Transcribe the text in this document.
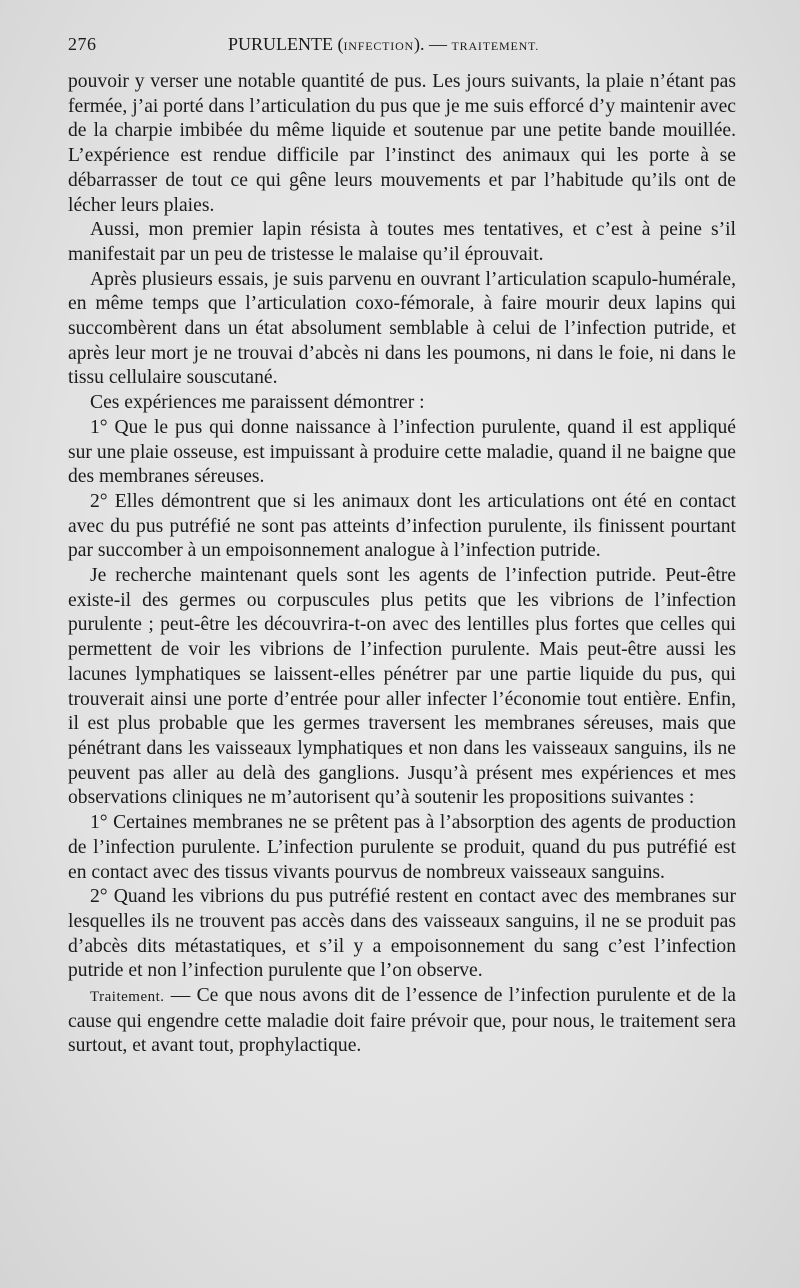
276	PURULENTE (INFECTION). — TRAITEMENT.

pouvoir y verser une notable quantité de pus. Les jours suivants, la plaie n’étant pas fermée, j’ai porté dans l’articulation du pus que je me suis efforcé d’y maintenir avec de la charpie imbibée du même liquide et soutenue par une petite bande mouillée. L’expérience est rendue difficile par l’instinct des animaux qui les porte à se débarrasser de tout ce qui gêne leurs mouvements et par l’habitude qu’ils ont de lécher leurs plaies.

Aussi, mon premier lapin résista à toutes mes tentatives, et c’est à peine s’il manifestait par un peu de tristesse le malaise qu’il éprouvait.

Après plusieurs essais, je suis parvenu en ouvrant l’articulation scapulo-humérale, en même temps que l’articulation coxo-fémorale, à faire mourir deux lapins qui succombèrent dans un état absolument semblable à celui de l’infection putride, et après leur mort je ne trouvai d’abcès ni dans les poumons, ni dans le foie, ni dans le tissu cellulaire souscutané.

Ces expériences me paraissent démontrer :

1° Que le pus qui donne naissance à l’infection purulente, quand il est appliqué sur une plaie osseuse, est impuissant à produire cette maladie, quand il ne baigne que des membranes séreuses.

2° Elles démontrent que si les animaux dont les articulations ont été en contact avec du pus putréfié ne sont pas atteints d’infection purulente, ils finissent pourtant par succomber à un empoisonnement analogue à l’infection putride.

Je recherche maintenant quels sont les agents de l’infection putride. Peut-être existe-il des germes ou corpuscules plus petits que les vibrions de l’infection purulente ; peut-être les découvrira-t-on avec des lentilles plus fortes que celles qui permettent de voir les vibrions de l’infection purulente. Mais peut-être aussi les lacunes lymphatiques se laissent-elles pénétrer par une partie liquide du pus, qui trouverait ainsi une porte d’entrée pour aller infecter l’économie tout entière. Enfin, il est plus probable que les germes traversent les membranes séreuses, mais que pénétrant dans les vaisseaux lymphatiques et non dans les vaisseaux sanguins, ils ne peuvent pas aller au delà des ganglions. Jusqu’à présent mes expériences et mes observations cliniques ne m’autorisent qu’à soutenir les propositions suivantes :

1° Certaines membranes ne se prêtent pas à l’absorption des agents de production de l’infection purulente. L’infection purulente se produit, quand du pus putréfié est en contact avec des tissus vivants pourvus de nombreux vaisseaux sanguins.

2° Quand les vibrions du pus putréfié restent en contact avec des membranes sur lesquelles ils ne trouvent pas accès dans des vaisseaux sanguins, il ne se produit pas d’abcès dits métastatiques, et s’il y a empoisonnement du sang c’est l’infection putride et non l’infection purulente que l’on observe.

Traitement. — Ce que nous avons dit de l’essence de l’infection purulente et de la cause qui engendre cette maladie doit faire prévoir que, pour nous, le traitement sera surtout, et avant tout, prophylactique.
